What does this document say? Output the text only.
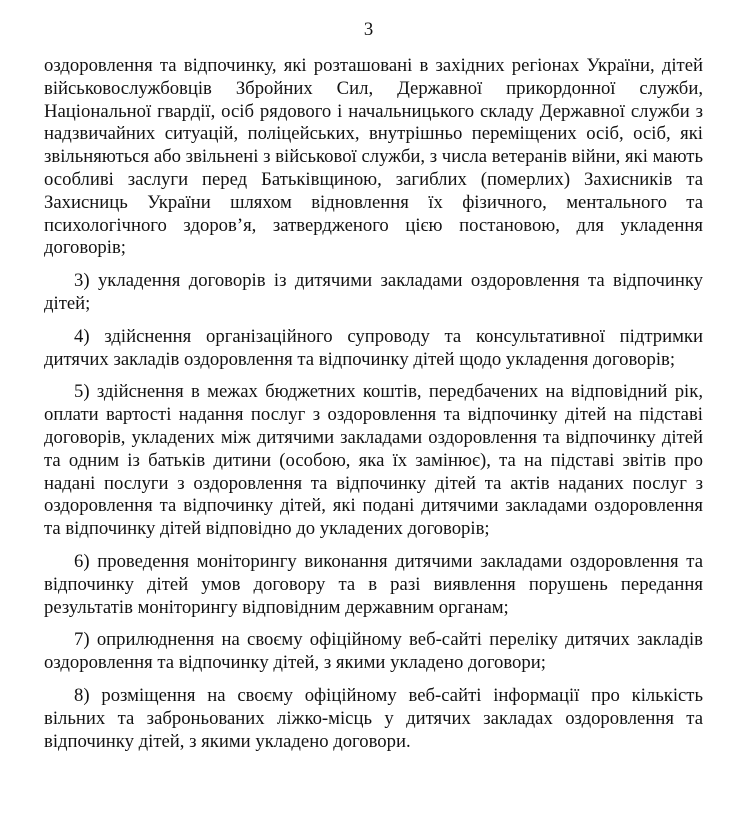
3

оздоровлення та відпочинку, які розташовані в західних регіонах України, дітей військовослужбовців Збройних Сил, Державної прикордонної служби, Національної гвардії, осіб рядового і начальницького складу Державної служби з надзвичайних ситуацій, поліцейських, внутрішньо переміщених осіб, осіб, які звільняються або звільнені з військової служби, з числа ветеранів війни, які мають особливі заслуги перед Батьківщиною, загиблих (померлих) Захисників та Захисниць України шляхом відновлення їх фізичного, ментального та психологічного здоров’я, затвердженого цією постановою, для укладення договорів;

3) укладення договорів із дитячими закладами оздоровлення та відпочинку дітей;

4) здійснення організаційного супроводу та консультативної підтримки дитячих закладів оздоровлення та відпочинку дітей щодо укладення договорів;

5) здійснення в межах бюджетних коштів, передбачених на відповідний рік, оплати вартості надання послуг з оздоровлення та відпочинку дітей на підставі договорів, укладених між дитячими закладами оздоровлення та відпочинку дітей та одним із батьків дитини (особою, яка їх замінює), та на підставі звітів про надані послуги з оздоровлення та відпочинку дітей та актів наданих послуг з оздоровлення та відпочинку дітей, які подані дитячими закладами оздоровлення та відпочинку дітей відповідно до укладених договорів;

6) проведення моніторингу виконання дитячими закладами оздоровлення та відпочинку дітей умов договору та в разі виявлення порушень передання результатів моніторингу відповідним державним органам;

7) оприлюднення на своєму офіційному веб-сайті переліку дитячих закладів оздоровлення та відпочинку дітей, з якими укладено договори;

8) розміщення на своєму офіційному веб-сайті інформації про кількість вільних та заброньованих ліжко-місць у дитячих закладах оздоровлення та відпочинку дітей, з якими укладено договори.
